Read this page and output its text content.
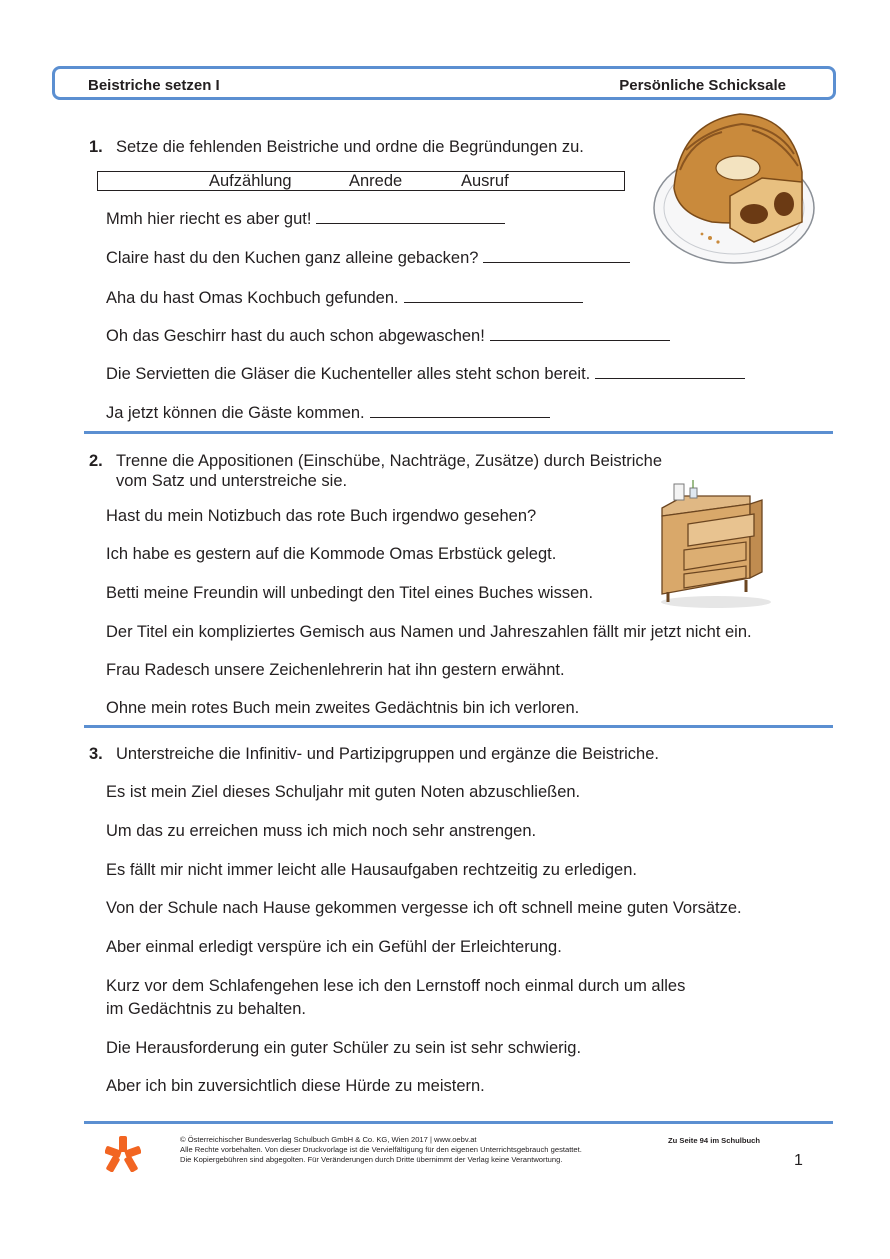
Beistriche setzen I	Persönliche Schicksale
1. Setze die fehlenden Beistriche und ordne die Begründungen zu.
Aufzählung	Anrede	Ausruf
Mmh hier riecht es aber gut!
Claire hast du den Kuchen ganz alleine gebacken?
Aha du hast Omas Kochbuch gefunden.
Oh das Geschirr hast du auch schon abgewaschen!
Die Servietten die Gläser die Kuchenteller alles steht schon bereit.
Ja jetzt können die Gäste kommen.
2. Trenne die Appositionen (Einschübe, Nachträge, Zusätze) durch Beistriche
vom Satz und unterstreiche sie.
Hast du mein Notizbuch das rote Buch irgendwo gesehen?
Ich habe es gestern auf die Kommode Omas Erbstück gelegt.
Betti meine Freundin will unbedingt den Titel eines Buches wissen.
Der Titel ein kompliziertes Gemisch aus Namen und Jahreszahlen fällt mir jetzt nicht ein.
Frau Radesch unsere Zeichenlehrerin hat ihn gestern erwähnt.
Ohne mein rotes Buch mein zweites Gedächtnis bin ich verloren.
3. Unterstreiche die Infinitiv- und Partizipgruppen und ergänze die Beistriche.
Es ist mein Ziel dieses Schuljahr mit guten Noten abzuschließen.
Um das zu erreichen muss ich mich noch sehr anstrengen.
Es fällt mir nicht immer leicht alle Hausaufgaben rechtzeitig zu erledigen.
Von der Schule nach Hause gekommen vergesse ich oft schnell meine guten Vorsätze.
Aber einmal erledigt verspüre ich ein Gefühl der Erleichterung.
Kurz vor dem Schlafengehen lese ich den Lernstoff noch einmal durch um alles
im Gedächtnis zu behalten.
Die Herausforderung ein guter Schüler zu sein ist sehr schwierig.
Aber ich bin zuversichtlich diese Hürde zu meistern.
© Österreichischer Bundesverlag Schulbuch GmbH & Co. KG, Wien 2017 | www.oebv.at
Alle Rechte vorbehalten. Von dieser Druckvorlage ist die Vervielfältigung für den eigenen Unterrichtsgebrauch gestattet.
Die Kopiergebühren sind abgegolten. Für Veränderungen durch Dritte übernimmt der Verlag keine Verantwortung.
Zu Seite 94 im Schulbuch
1
